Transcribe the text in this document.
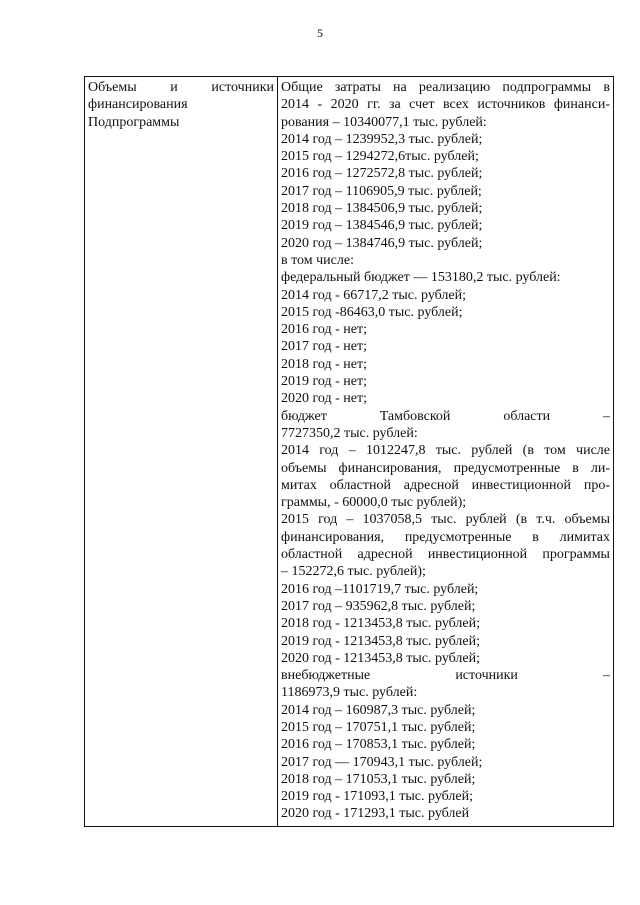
5
Объемы и источники
финансирования
Подпрограммы

Общие затраты на реализацию подпрограммы в
2014 - 2020 гг. за счет всех источников финанси-
рования – 10340077,1 тыс. рублей:
2014 год – 1239952,3 тыс. рублей;
2015 год – 1294272,6тыс. рублей;
2016 год – 1272572,8 тыс. рублей;
2017 год – 1106905,9 тыс. рублей;
2018 год – 1384506,9 тыс. рублей;
2019 год – 1384546,9 тыс. рублей;
2020 год – 1384746,9 тыс. рублей;
в том числе:
федеральный бюджет — 153180,2 тыс. рублей:
2014 год - 66717,2 тыс. рублей;
2015 год -86463,0 тыс. рублей;
2016 год - нет;
2017 год - нет;
2018 год - нет;
2019 год - нет;
2020 год - нет;
бюджет	Тамбовской	области	–
7727350,2 тыс. рублей:
2014 год – 1012247,8 тыс. рублей (в том числе
объемы финансирования, предусмотренные в ли-
митах областной адресной инвестиционной про-
граммы, - 60000,0 тыс рублей);
2015 год – 1037058,5 тыс. рублей (в т.ч. объемы
финансирования, предусмотренные в лимитах
областной адресной инвестиционной программы
– 152272,6 тыс. рублей);
2016 год –1101719,7 тыс. рублей;
2017 год – 935962,8 тыс. рублей;
2018 год - 1213453,8 тыс. рублей;
2019 год - 1213453,8 тыс. рублей;
2020 год - 1213453,8 тыс. рублей;
внебюджетные	источники	–
1186973,9 тыс. рублей:
2014 год – 160987,3 тыс. рублей;
2015 год – 170751,1 тыс. рублей;
2016 год – 170853,1 тыс. рублей;
2017 год — 170943,1 тыс. рублей;
2018 год – 171053,1 тыс. рублей;
2019 год - 171093,1 тыс. рублей;
2020 год - 171293,1 тыс. рублей
